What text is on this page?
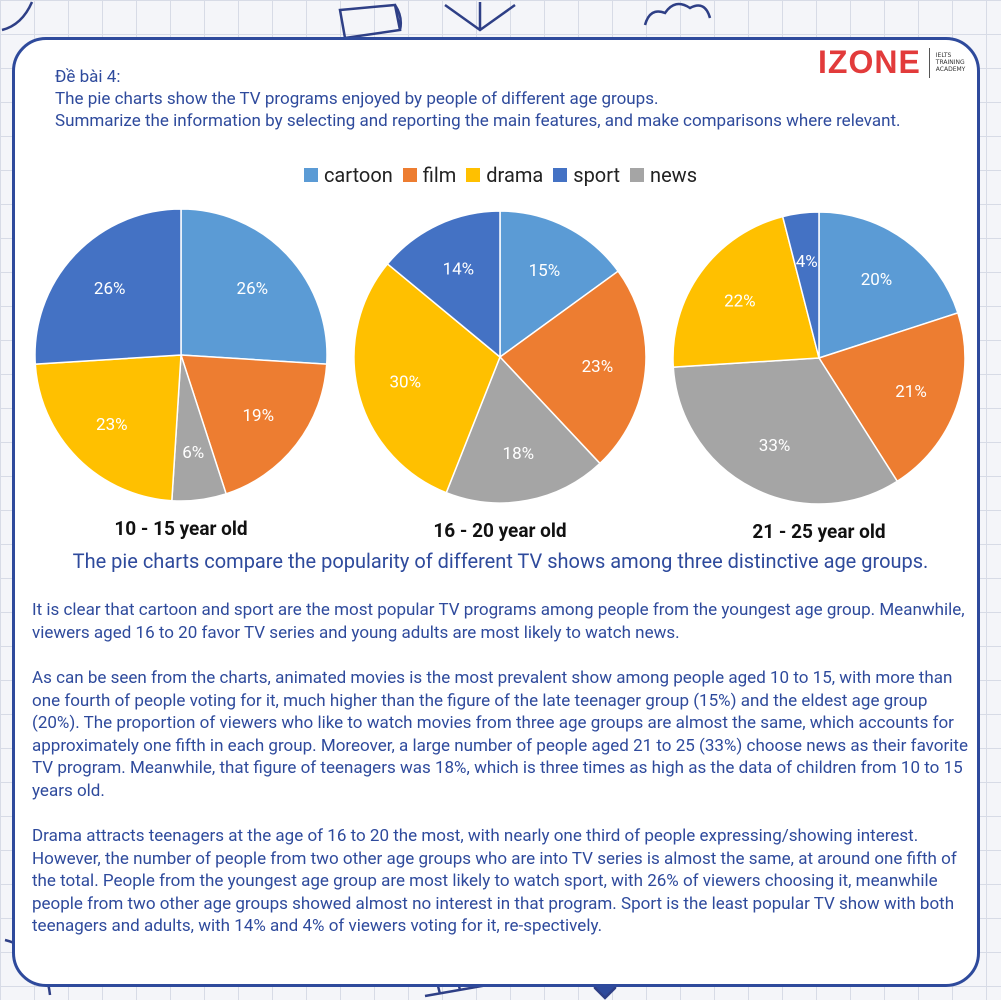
IZONE	IELTS
TRAINING
ACADEMY
Đề bài 4:
The pie charts show the TV programs enjoyed by people of different age groups.
Summarize the information by selecting and reporting the main features, and make comparisons where relevant.
cartoon film drama sport news
26%
19%
6%
23%
26%
10 - 15 year old
15%
23%
18%
30%
14%
16 - 20 year old
20%
21%
33%
22%
4%
21 - 25 year old
The pie charts compare the popularity of different TV shows among three distinctive age groups.

It is clear that cartoon and sport are the most popular TV programs among people from the youngest age group. Meanwhile, viewers aged 16 to 20 favor TV series and young adults are most likely to watch news.

As can be seen from the charts, animated movies is the most prevalent show among people aged 10 to 15, with more than one fourth of people voting for it, much higher than the figure of the late teenager group (15%) and the eldest age group (20%). The proportion of viewers who like to watch movies from three age groups are almost the same, which accounts for approximately one fifth in each group. Moreover, a large number of people aged 21 to 25 (33%) choose news as their favorite TV program. Meanwhile, that figure of teenagers was 18%, which is three times as high as the data of children from 10 to 15 years old.

Drama attracts teenagers at the age of 16 to 20 the most, with nearly one third of people expressing/showing interest. However, the number of people from two other age groups who are into TV series is almost the same, at around one fifth of the total. People from the youngest age group are most likely to watch sport, with 26% of viewers choosing it, meanwhile people from two other age groups showed almost no interest in that program. Sport is the least popular TV show with both teenagers and adults, with 14% and 4% of viewers voting for it, re-spectively.
